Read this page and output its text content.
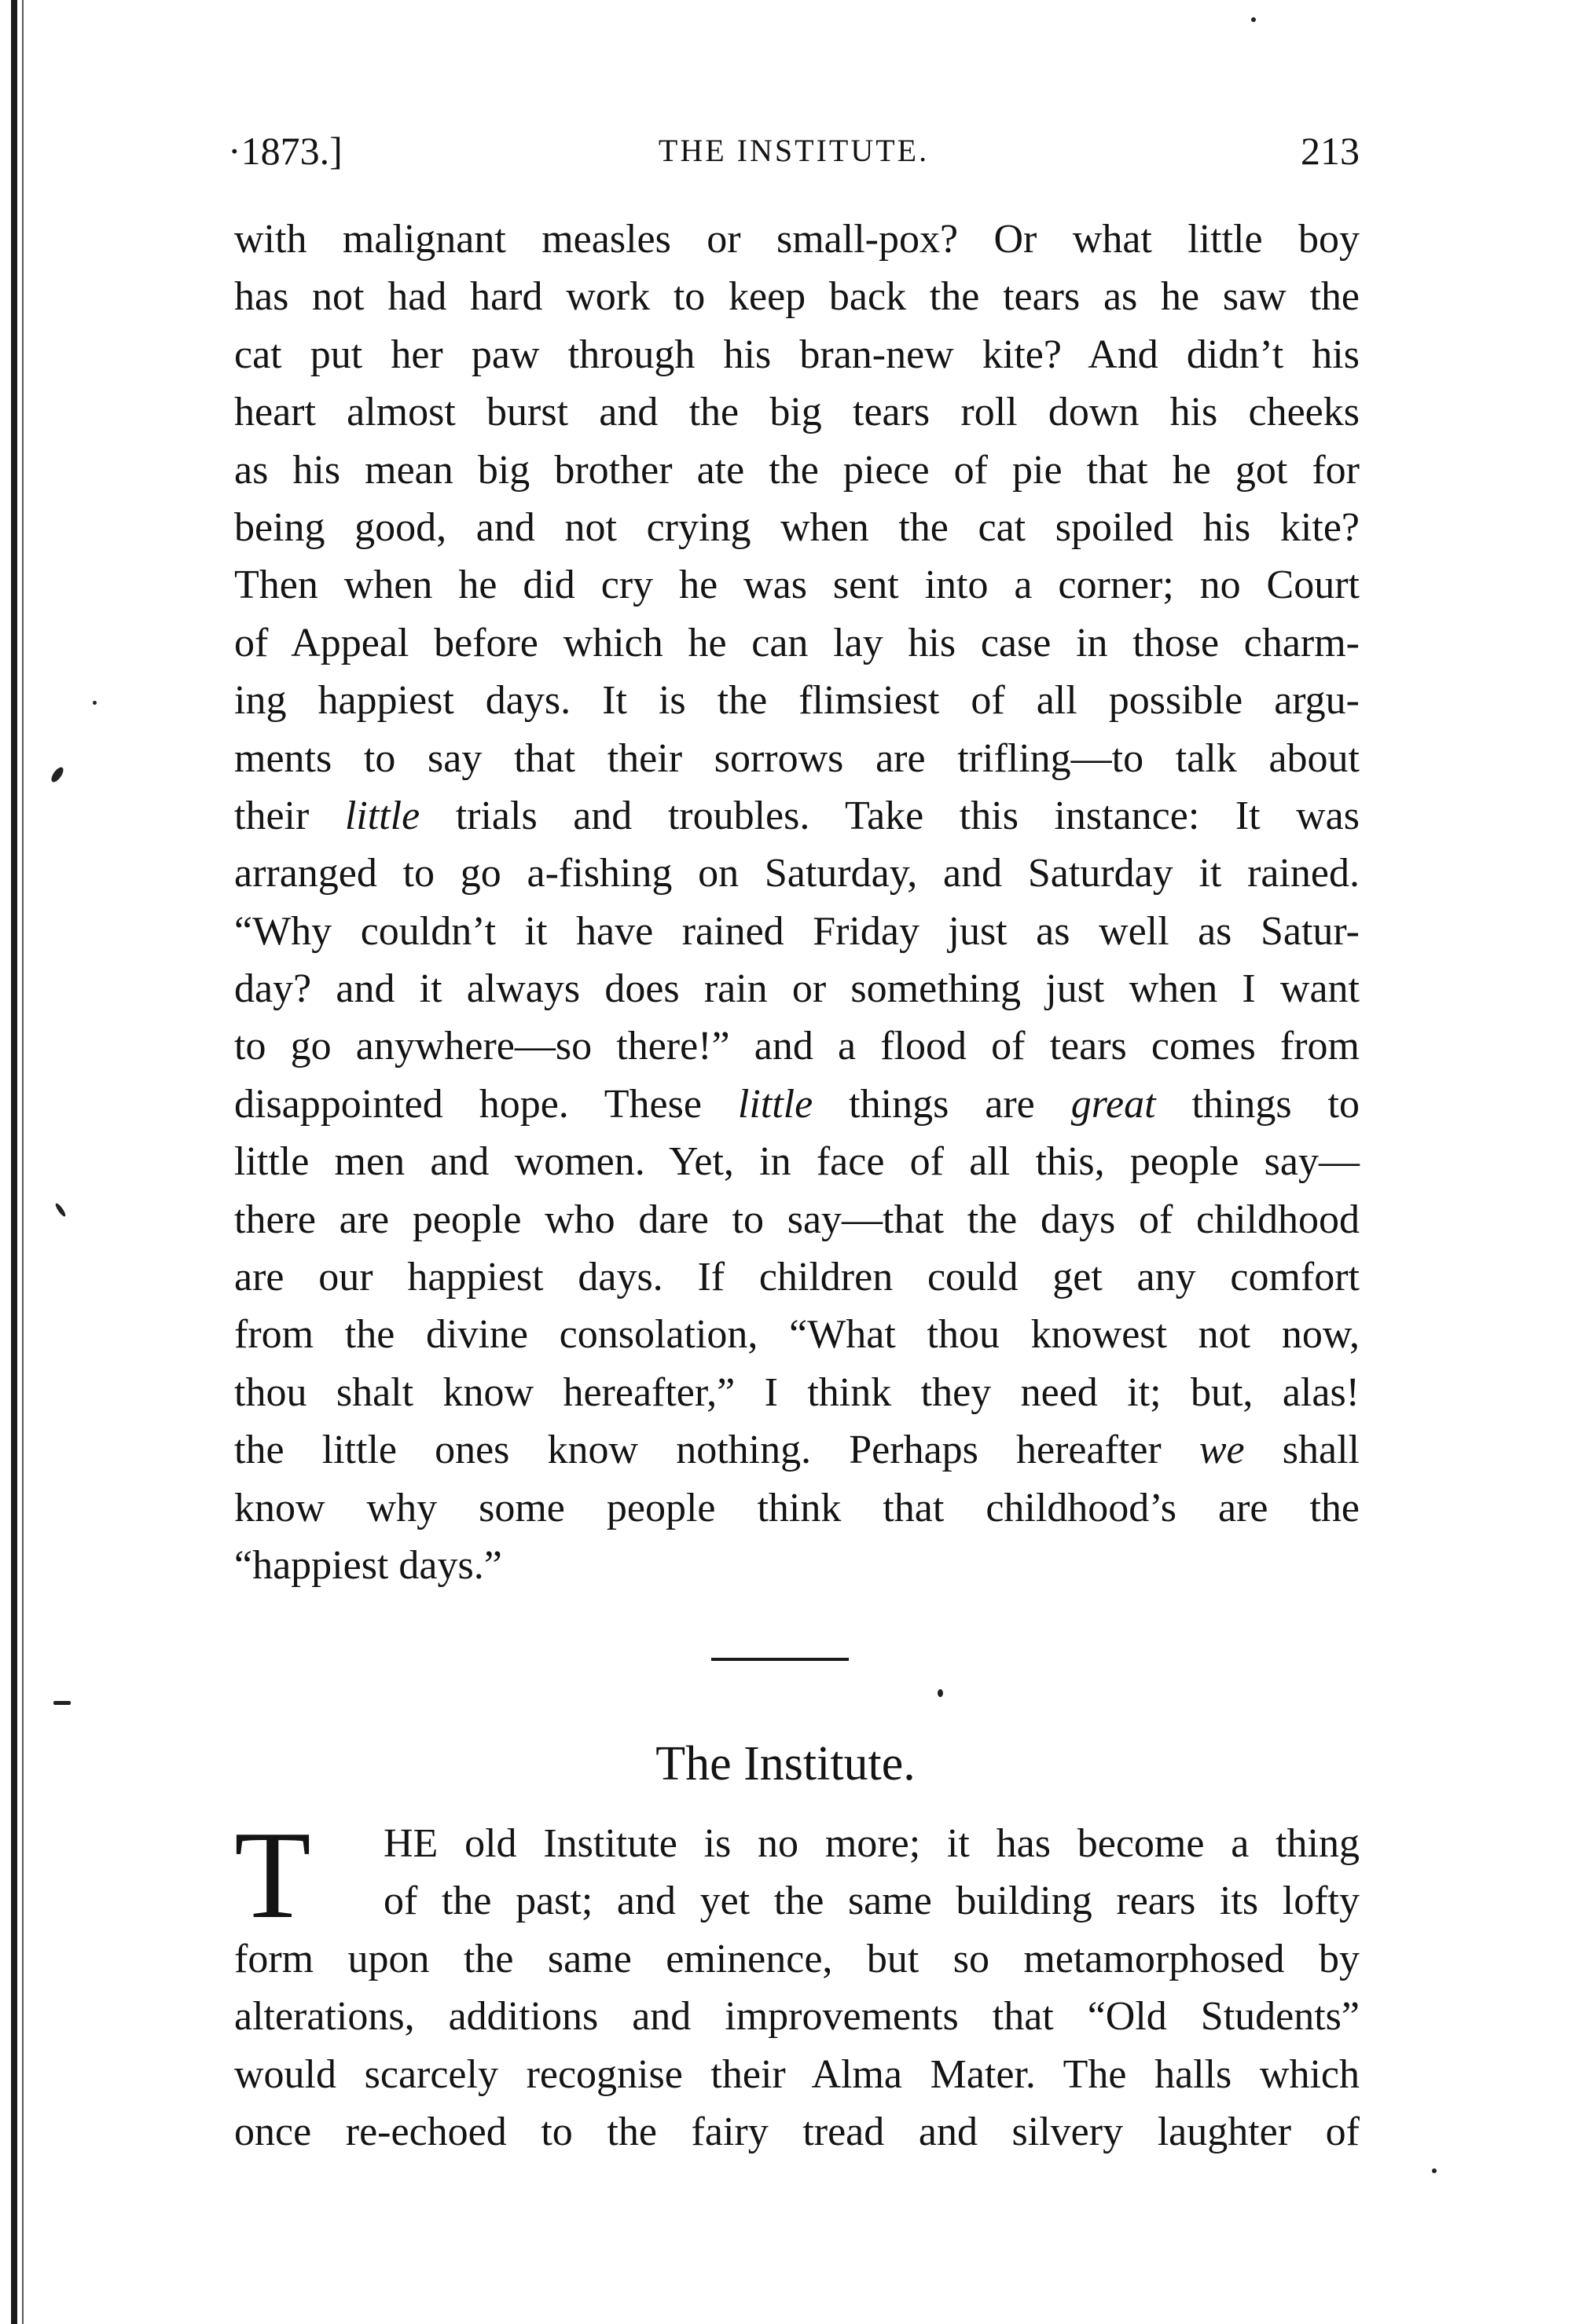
·1873.]	THE INSTITUTE.	213
with malignant measles or small-pox? Or what little boy
has not had hard work to keep back the tears as he saw the
cat put her paw through his bran-new kite? And didn’t his
heart almost burst and the big tears roll down his cheeks
as his mean big brother ate the piece of pie that he got for
being good, and not crying when the cat spoiled his kite?
Then when he did cry he was sent into a corner; no Court
of Appeal before which he can lay his case in those charm-
ing happiest days. It is the flimsiest of all possible argu-
ments to say that their sorrows are trifling—to talk about
their little trials and troubles. Take this instance: It was
arranged to go a-fishing on Saturday, and Saturday it rained.
“Why couldn’t it have rained Friday just as well as Satur-
day? and it always does rain or something just when I want
to go anywhere—so there!” and a flood of tears comes from
disappointed hope. These little things are great things to
little men and women. Yet, in face of all this, people say—
there are people who dare to say—that the days of childhood
are our happiest days. If children could get any comfort
from the divine consolation, “What thou knowest not now,
thou shalt know hereafter,” I think they need it; but, alas!
the little ones know nothing. Perhaps hereafter we shall
know why some people think that childhood’s are the
“happiest days.”
The Institute.
T	HE old Institute is no more; it has become a thing
of the past; and yet the same building rears its lofty
form upon the same eminence, but so metamorphosed by
alterations, additions and improvements that “Old Students”
would scarcely recognise their Alma Mater. The halls which
once re-echoed to the fairy tread and silvery laughter of
